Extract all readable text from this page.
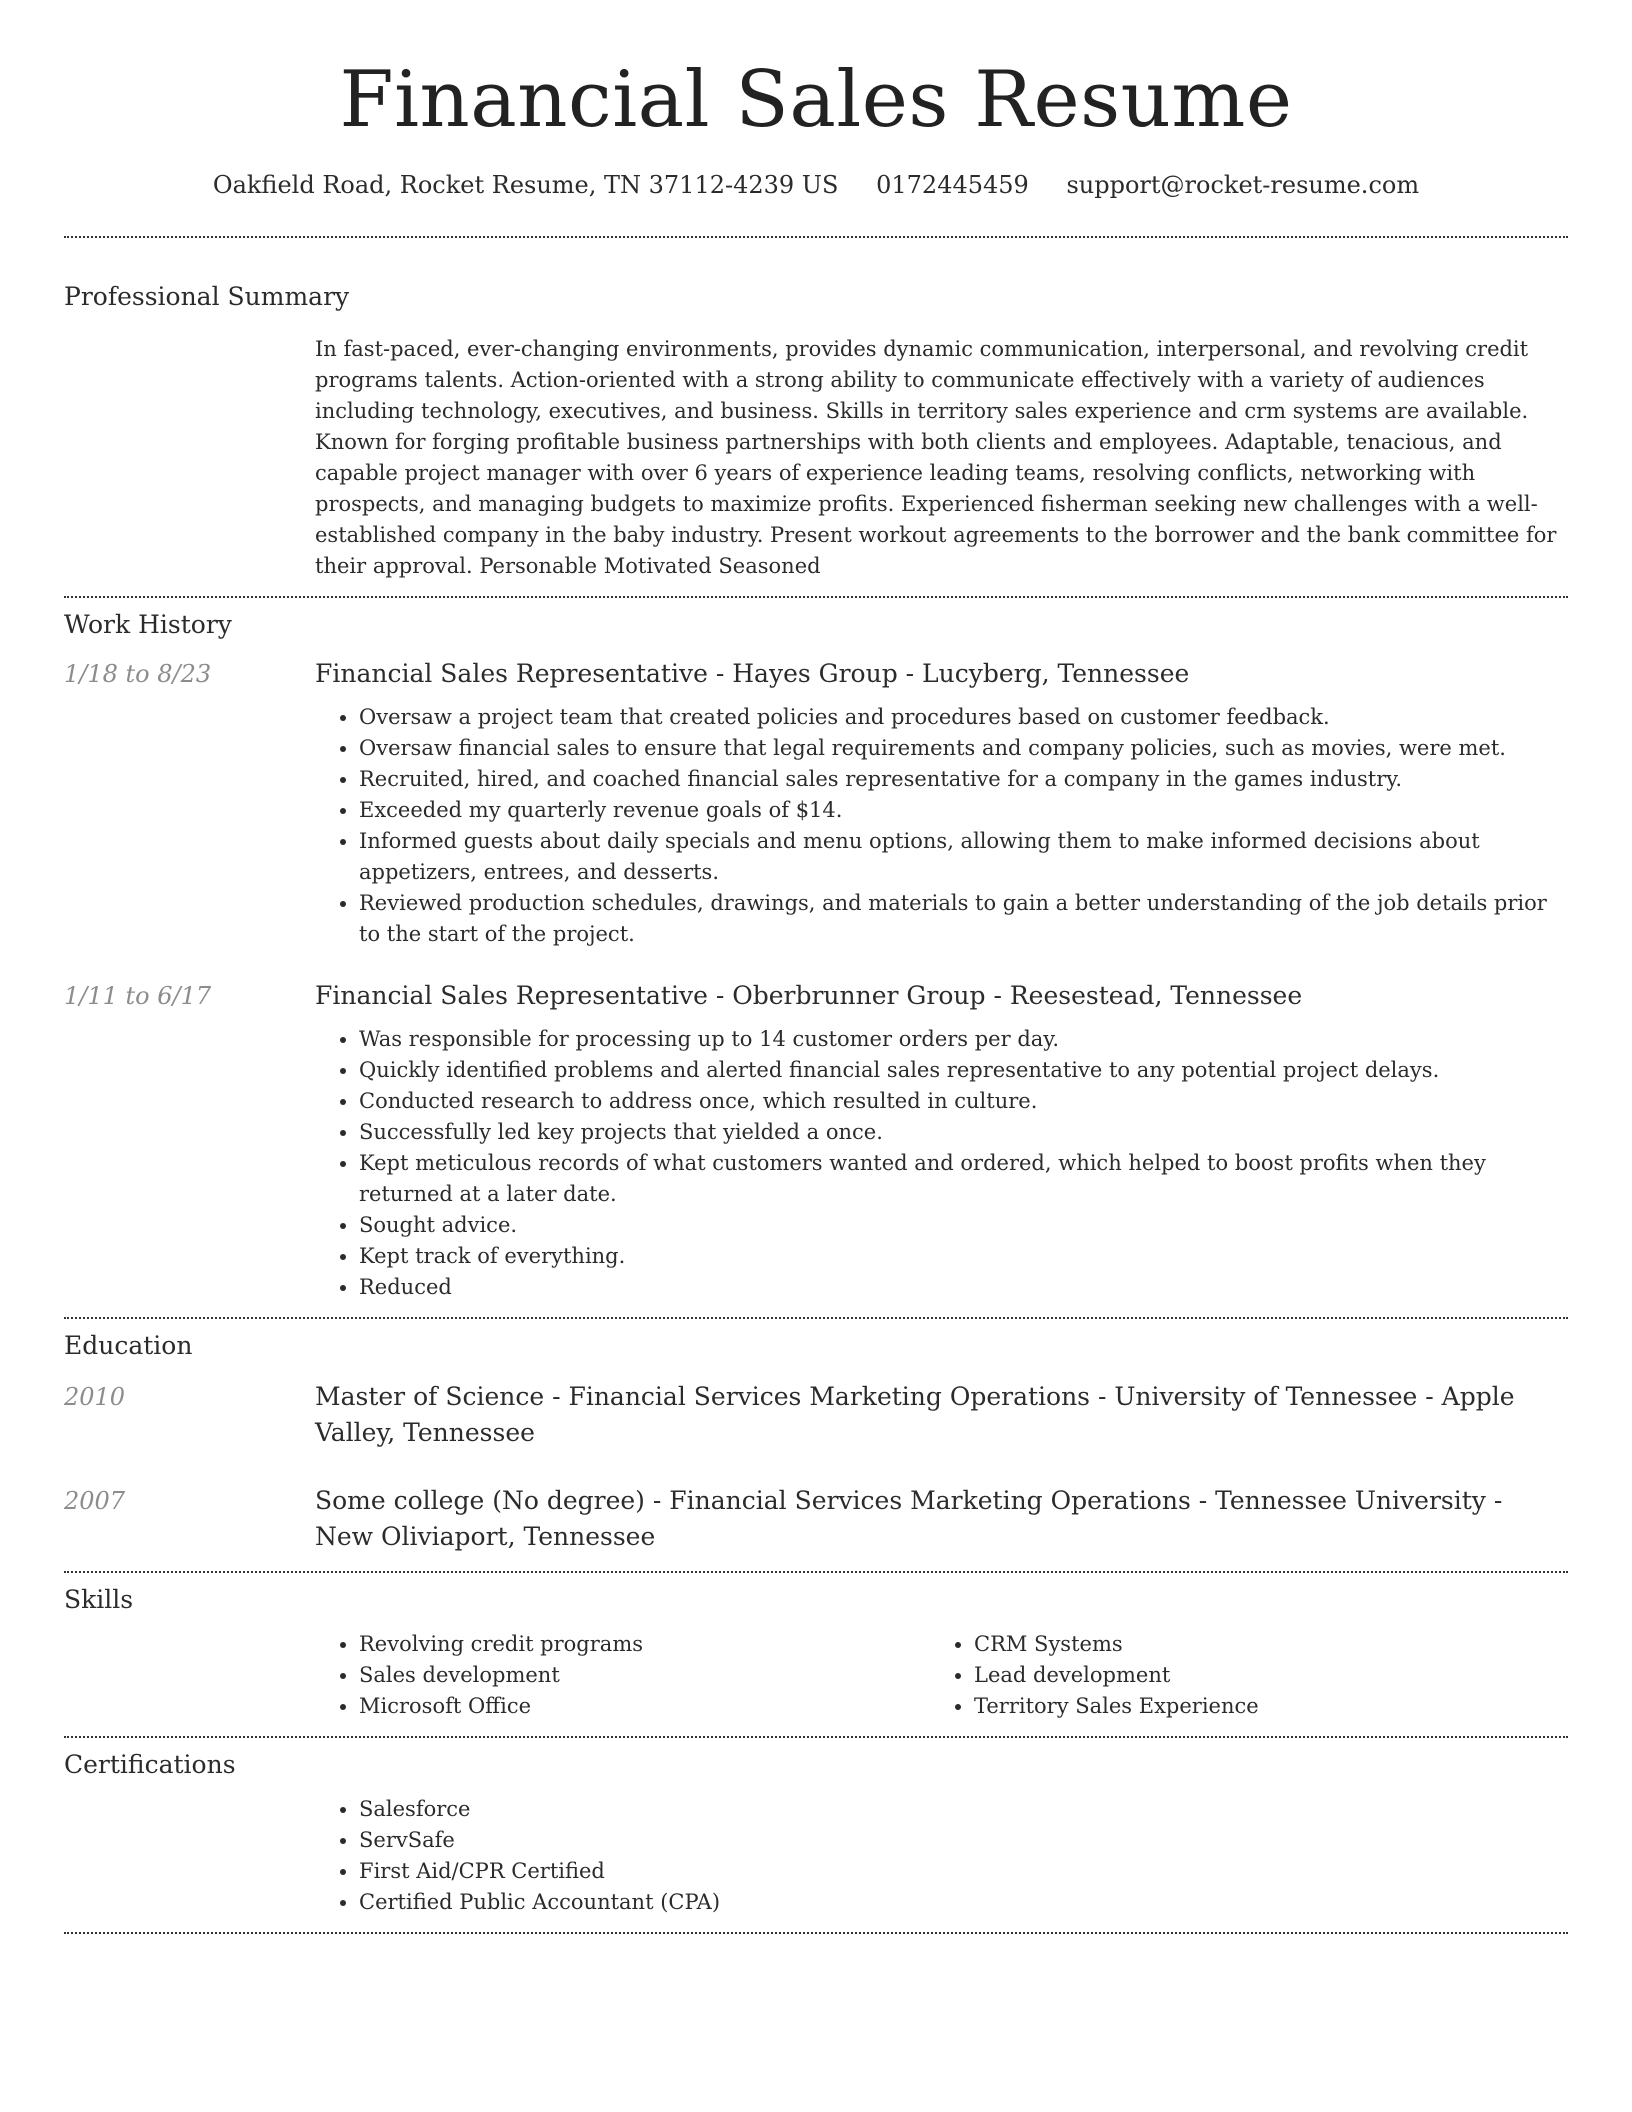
Financial Sales Resume
Oakfield Road, Rocket Resume, TN 37112-4239 US 0172445459 support@rocket-resume.com
Professional Summary
In fast-paced, ever-changing environments, provides dynamic communication, interpersonal, and revolving credit programs talents. Action-oriented with a strong ability to communicate effectively with a variety of audiences including technology, executives, and business. Skills in territory sales experience and crm systems are available. Known for forging profitable business partnerships with both clients and employees. Adaptable, tenacious, and capable project manager with over 6 years of experience leading teams, resolving conflicts, networking with prospects, and managing budgets to maximize profits. Experienced fisherman seeking new challenges with a well-established company in the baby industry. Present workout agreements to the borrower and the bank committee for their approval. Personable Motivated Seasoned
Work History
1/18 to 8/23	Financial Sales Representative - Hayes Group - Lucyberg, Tennessee
• Oversaw a project team that created policies and procedures based on customer feedback.
• Oversaw financial sales to ensure that legal requirements and company policies, such as movies, were met.
• Recruited, hired, and coached financial sales representative for a company in the games industry.
• Exceeded my quarterly revenue goals of $14.
• Informed guests about daily specials and menu options, allowing them to make informed decisions about appetizers, entrees, and desserts.
• Reviewed production schedules, drawings, and materials to gain a better understanding of the job details prior to the start of the project.
1/11 to 6/17	Financial Sales Representative - Oberbrunner Group - Reesestead, Tennessee
• Was responsible for processing up to 14 customer orders per day.
• Quickly identified problems and alerted financial sales representative to any potential project delays.
• Conducted research to address once, which resulted in culture.
• Successfully led key projects that yielded a once.
• Kept meticulous records of what customers wanted and ordered, which helped to boost profits when they returned at a later date.
• Sought advice.
• Kept track of everything.
• Reduced
Education
2010	Master of Science - Financial Services Marketing Operations - University of Tennessee - Apple Valley, Tennessee
2007	Some college (No degree) - Financial Services Marketing Operations - Tennessee University - New Oliviaport, Tennessee
Skills
• Revolving credit programs
• Sales development
• Microsoft Office
• CRM Systems
• Lead development
• Territory Sales Experience
Certifications
• Salesforce
• ServSafe
• First Aid/CPR Certified
• Certified Public Accountant (CPA)
